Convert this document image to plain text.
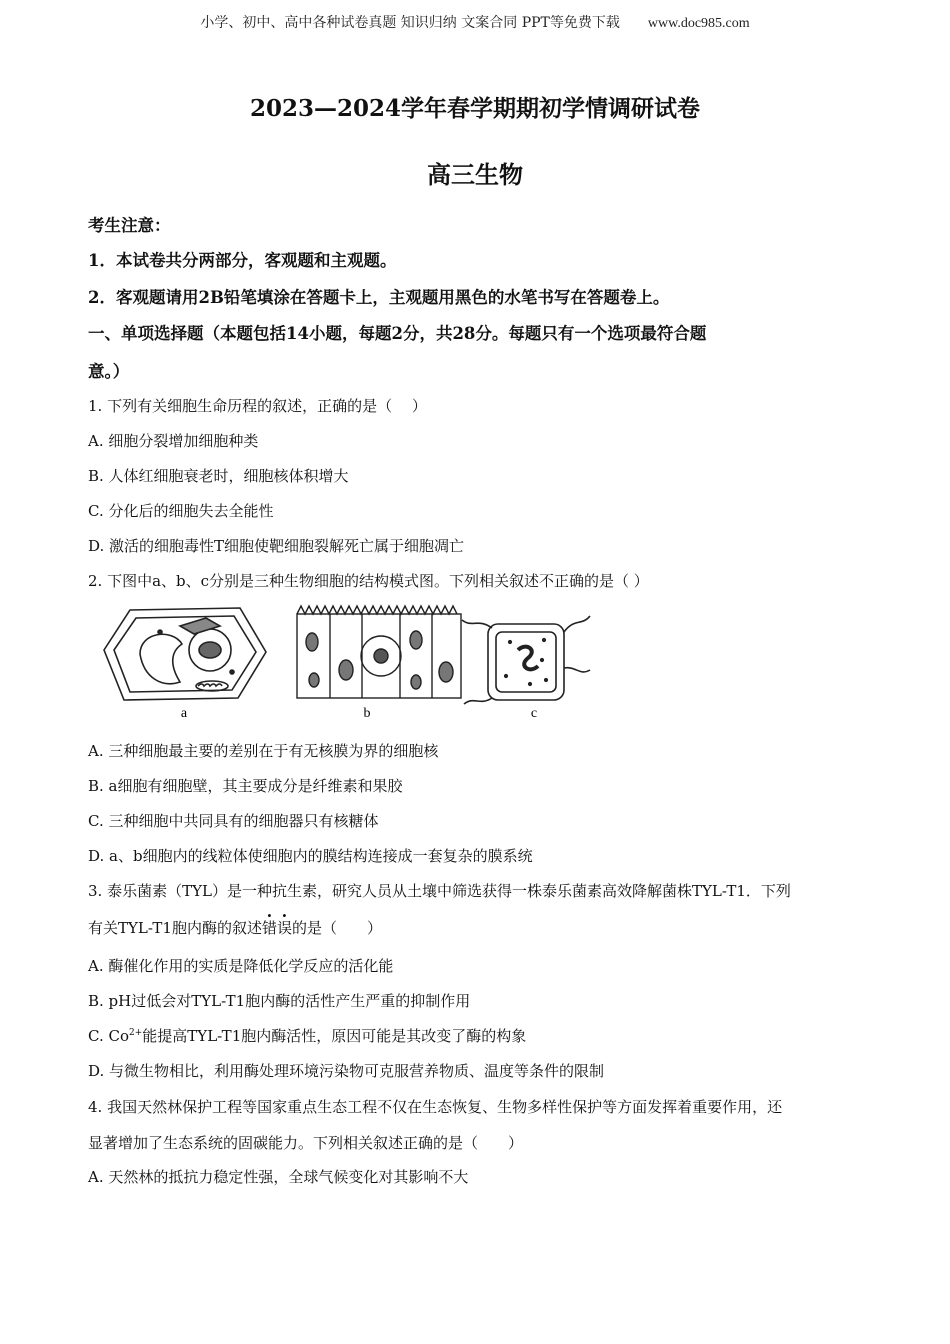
小学、初中、高中各种试卷真题 知识归纳 文案合同 PPT等免费下载 www.doc985.com
2023—2024学年春学期期初学情调研试卷
高三生物
考生注意：
1．本试卷共分两部分，客观题和主观题。
2．客观题请用2B铅笔填涂在答题卡上，主观题用黑色的水笔书写在答题卷上。
一、单项选择题（本题包括14小题，每题2分，共28分。每题只有一个选项最符合题
意。）
1. 下列有关细胞生命历程的叙述，正确的是（　 ）
A. 细胞分裂增加细胞种类
B. 人体红细胞衰老时，细胞核体积增大
C. 分化后的细胞失去全能性
D. 激活的细胞毒性T细胞使靶细胞裂解死亡属于细胞凋亡
2. 下图中a、b、c分别是三种生物细胞的结构模式图。下列相关叙述不正确的是（ ）
a	b	c
A. 三种细胞最主要的差别在于有无核膜为界的细胞核
B. a细胞有细胞壁，其主要成分是纤维素和果胶
C. 三种细胞中共同具有的细胞器只有核糖体
D. a、b细胞内的线粒体使细胞内的膜结构连接成一套复杂的膜系统
3. 泰乐菌素（TYL）是一种抗生素，研究人员从土壤中筛选获得一株泰乐菌素高效降解菌株TYL-T1．下列
有关TYL-T1胞内酶的叙述错误的是（　　）
A. 酶催化作用的实质是降低化学反应的活化能
B. pH过低会对TYL-T1胞内酶的活性产生严重的抑制作用
C. $Co^{2+}$能提高TYL-T1胞内酶活性，原因可能是其改变了酶的构象
D. 与微生物相比，利用酶处理环境污染物可克服营养物质、温度等条件的限制
4. 我国天然林保护工程等国家重点生态工程不仅在生态恢复、生物多样性保护等方面发挥着重要作用，还
显著增加了生态系统的固碳能力。下列相关叙述正确的是（　　）
A. 天然林的抵抗力稳定性强，全球气候变化对其影响不大
